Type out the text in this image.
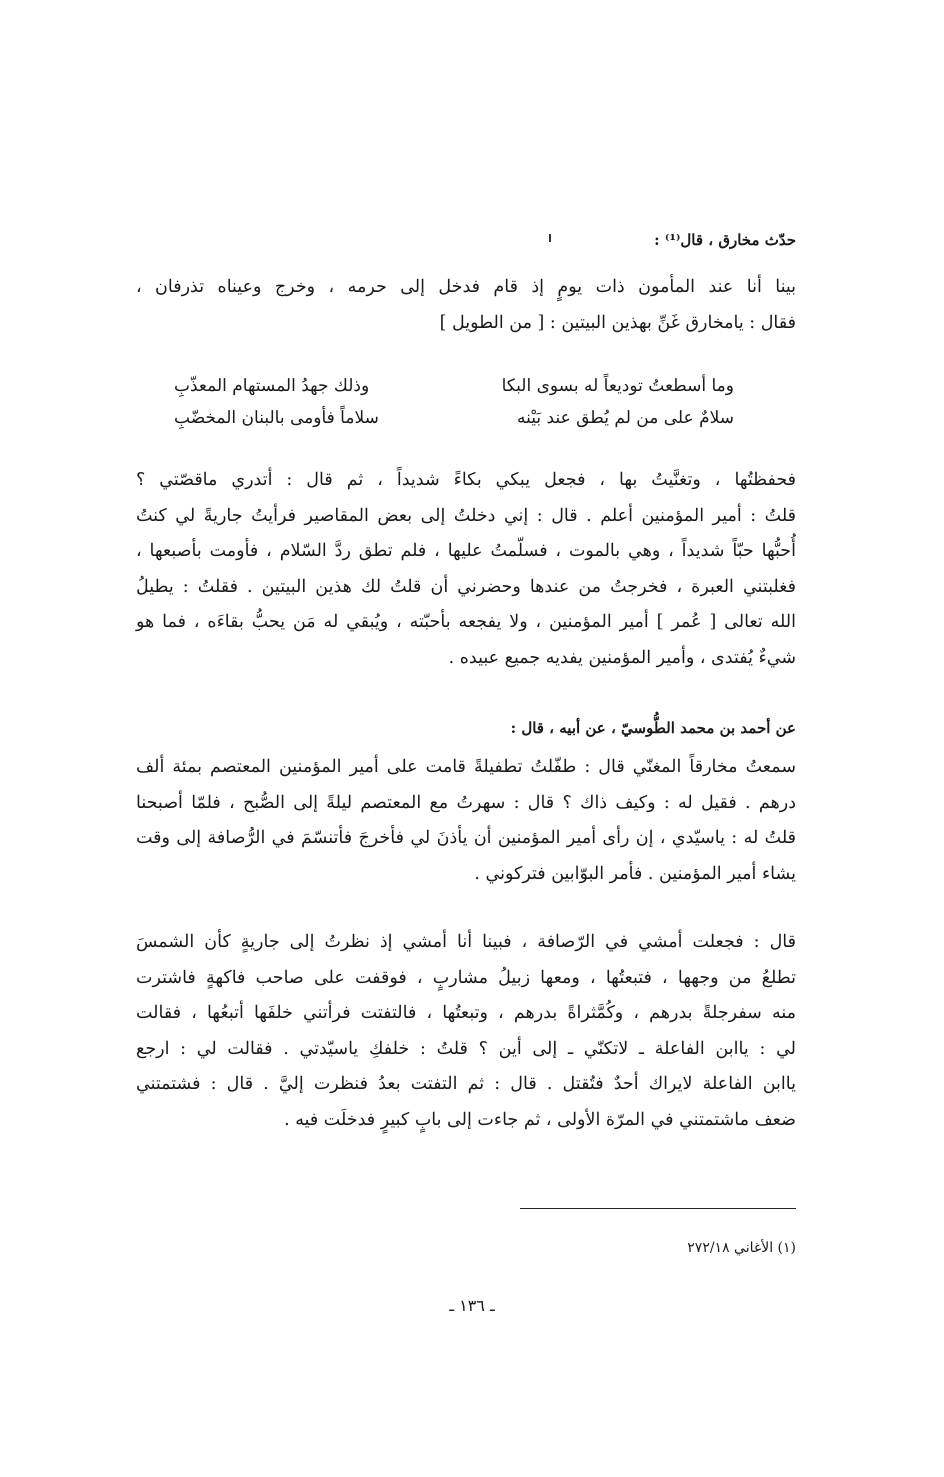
حدّث مخارق ، قال⁽¹⁾ :
بينا أنا عند المأمون ذات يومٍ إذ قام فدخل إلى حرمه ، وخرج وعيناه تذرفان ،
فقال : يامخارق غَنِّ بهذين البيتين : [ من الطويل ]
وما أسطعتُ توديعاً له بسوى البكا
وذلك جهدُ المستهام المعذّبِ
سلامٌ على من لم يُطق عند بَيْنه
سلاماً فأومى بالبنان المخضّبِ
فحفظتُها ، وتغنَّيتُ بها ، فجعل يبكي بكاءً شديداً ، ثم قال : أتدري ماقصّتي ؟
قلتُ : أمير المؤمنين أعلم . قال : إني دخلتُ إلى بعض المقاصير فرأيتُ جاريةً لي كنتُ
أُحبُّها حبّاً شديداً ، وهي بالموت ، فسلّمتُ عليها ، فلم تطق ردَّ السّلام ، فأومت بأصبعها ،
فغلبتني العبرة ، فخرجتُ من عندها وحضرني أن قلتُ لك هذين البيتين . فقلتُ : يطيلُ
الله تعالى [ عُمر ] أمير المؤمنين ، ولا يفجعه بأحبّته ، ويُبقي له مَن يحبُّ بقاءَه ، فما هو
شيءٌ يُفتدى ، وأمير المؤمنين يفديه جميع عبيده .
عن أحمد بن محمد الطُّوسيّ ، عن أبيه ، قال :
سمعتُ مخارقاً المغنّي قال : طفّلتُ تطفيلةً قامت على أمير المؤمنين المعتصم بمئة ألف
درهم . فقيل له : وكيف ذاك ؟ قال : سهرتُ مع المعتصم ليلةً إلى الصُّبح ، فلمّا أصبحنا
قلتُ له : ياسيّدي ، إن رأى أمير المؤمنين أن يأذنَ لي فأخرجَ فأتنسّمَ في الرُّصافة إلى وقت
يشاء أمير المؤمنين . فأمر البوّابين فتركوني .
قال : فجعلت أمشي في الرّصافة ، فبينا أنا أمشي إذ نظرتُ إلى جاريةٍ كأن الشمسَ
تطلعُ من وجهها ، فتبعتُها ، ومعها زبيلُ مشاربٍ ، فوقفت على صاحب فاكهةٍ فاشترت
منه سفرجلةً بدرهم ، وكُمَّثراةً بدرهم ، وتبعتُها ، فالتفتت فرأتني خلفَها أتبعُها ، فقالت
لي : ياابن الفاعلة ـ لاتكنّي ـ إلى أين ؟ قلتُ : خلفكِ ياسيّدتي . فقالت لي : ارجع
ياابن الفاعلة لايراك أحدٌ فتُقتل . قال : ثم التفتت بعدُ فنظرت إليَّ . قال : فشتمتني
ضعف ماشتمتني في المرّة الأولى ، ثم جاءت إلى بابٍ كبيرٍ فدخلَت فيه .
(١) الأغاني ٢٧٢/١٨
ـ ١٣٦ ـ
